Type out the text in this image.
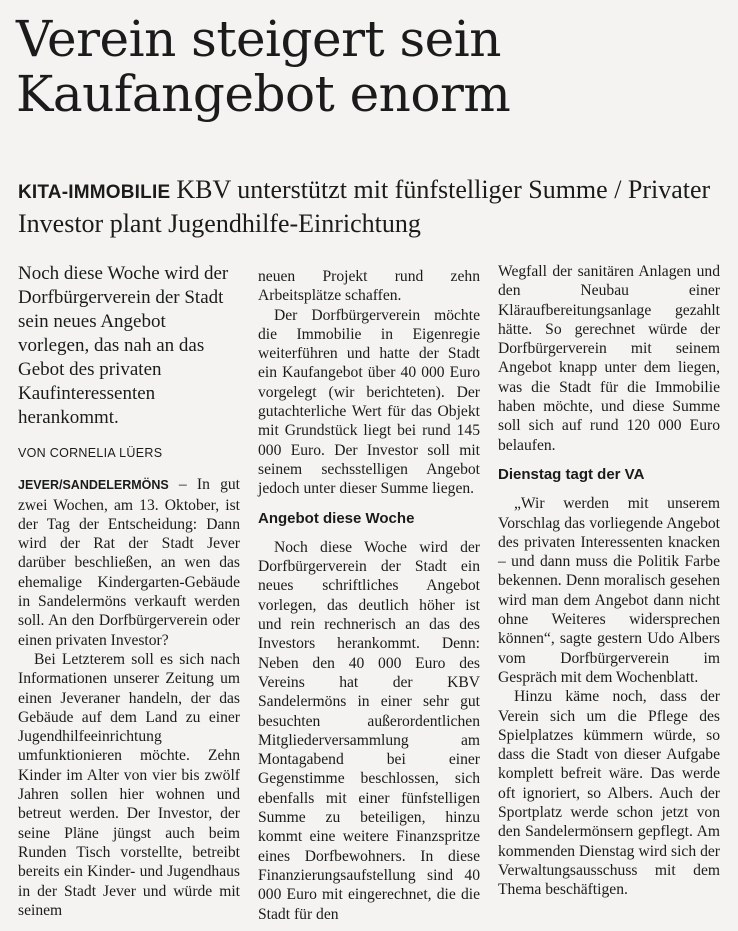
Verein steigert sein Kaufangebot enorm

KITA-IMMOBILIE KBV unterstützt mit fünfstelliger Summe / Privater Investor plant Jugendhilfe-Einrichtung

Noch diese Woche wird der Dorfbürgerverein der Stadt sein neues Angebot vorlegen, das nah an das Gebot des privaten Kaufinteressenten herankommt.

VON CORNELIA LÜERS

JEVER/SANDELERMÖNS – In gut zwei Wochen, am 13. Oktober, ist der Tag der Entscheidung: Dann wird der Rat der Stadt Jever darüber beschließen, an wen das ehemalige Kindergarten-Gebäude in Sandelermöns verkauft werden soll. An den Dorfbürgerverein oder einen privaten Investor?

Bei Letzterem soll es sich nach Informationen unserer Zeitung um einen Jeveraner handeln, der das Gebäude auf dem Land zu einer Jugendhilfeeinrichtung umfunktionieren möchte. Zehn Kinder im Alter von vier bis zwölf Jahren sollen hier wohnen und betreut werden. Der Investor, der seine Pläne jüngst auch beim Runden Tisch vorstellte, betreibt bereits ein Kinder- und Jugendhaus in der Stadt Jever und würde mit seinem

neuen Projekt rund zehn Arbeitsplätze schaffen.

Der Dorfbürgerverein möchte die Immobilie in Eigenregie weiterführen und hatte der Stadt ein Kaufangebot über 40 000 Euro vorgelegt (wir berichteten). Der gutachterliche Wert für das Objekt mit Grundstück liegt bei rund 145 000 Euro. Der Investor soll mit seinem sechsstelligen Angebot jedoch unter dieser Summe liegen.

Angebot diese Woche

Noch diese Woche wird der Dorfbürgerverein der Stadt ein neues schriftliches Angebot vorlegen, das deutlich höher ist und rein rechnerisch an das des Investors herankommt. Denn: Neben den 40 000 Euro des Vereins hat der KBV Sandelermöns in einer sehr gut besuchten außerordentlichen Mitgliederversammlung am Montagabend bei einer Gegenstimme beschlossen, sich ebenfalls mit einer fünfstelligen Summe zu beteiligen, hinzu kommt eine weitere Finanzspritze eines Dorfbewohners. In diese Finanzierungsaufstellung sind 40 000 Euro mit eingerechnet, die die Stadt für den

Wegfall der sanitären Anlagen und den Neubau einer Kläraufbereitungsanlage gezahlt hätte. So gerechnet würde der Dorfbürgerverein mit seinem Angebot knapp unter dem liegen, was die Stadt für die Immobilie haben möchte, und diese Summe soll sich auf rund 120 000 Euro belaufen.

Dienstag tagt der VA

„Wir werden mit unserem Vorschlag das vorliegende Angebot des privaten Interessenten knacken – und dann muss die Politik Farbe bekennen. Denn moralisch gesehen wird man dem Angebot dann nicht ohne Weiteres widersprechen können“, sagte gestern Udo Albers vom Dorfbürgerverein im Gespräch mit dem Wochenblatt.

Hinzu käme noch, dass der Verein sich um die Pflege des Spielplatzes kümmern würde, so dass die Stadt von dieser Aufgabe komplett befreit wäre. Das werde oft ignoriert, so Albers. Auch der Sportplatz werde schon jetzt von den Sandelermönsern gepflegt. Am kommenden Dienstag wird sich der Verwaltungsausschuss mit dem Thema beschäftigen.
